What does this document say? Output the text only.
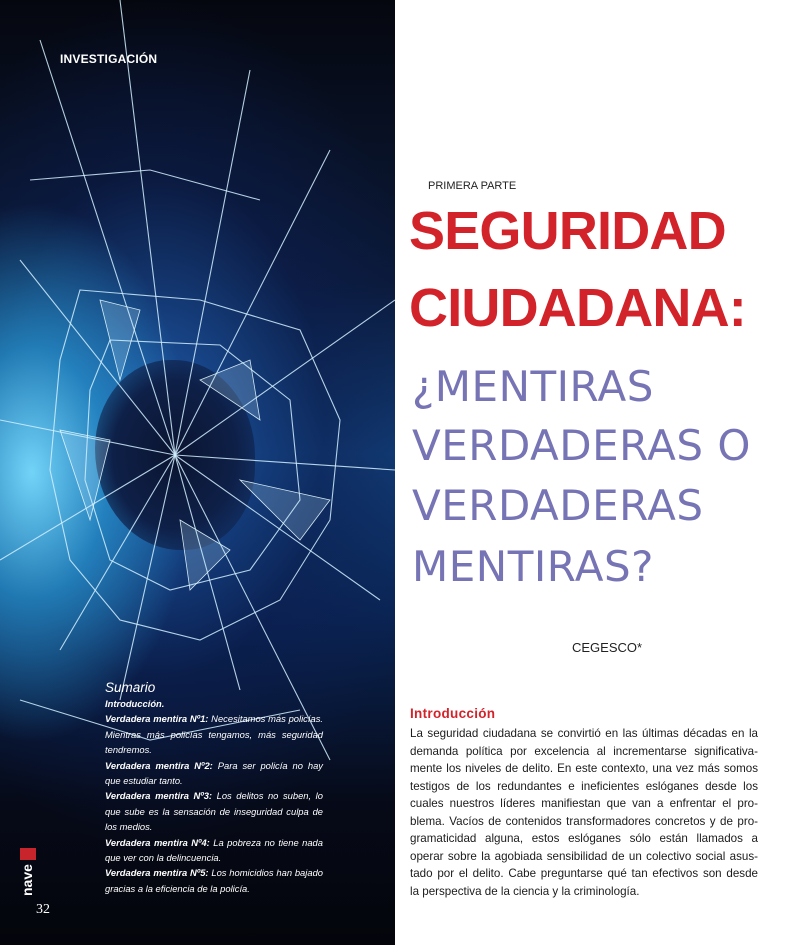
INVESTIGACIÓN
Sumario
Introducción.
Verdadera mentira Nº1: Necesitamos más policías. Mientras más policías tengamos, más seguridad tendremos.
Verdadera mentira Nº2: Para ser policía no hay que estudiar tanto.
Verdadera mentira Nº3: Los delitos no suben, lo que sube es la sensación de inseguridad culpa de los medios.
Verdadera mentira Nº4: La pobreza no tiene nada que ver con la delincuencia.
Verdadera mentira Nº5: Los homicidios han bajado gracias a la eficiencia de la policía.
nave
32
PRIMERA PARTE
SEGURIDAD
CIUDADANA:
¿MENTIRAS
VERDADERAS O
VERDADERAS
MENTIRAS?
CEGESCO*
Introducción
La seguridad ciudadana se convirtió en las últimas décadas en la
demanda política por excelencia al incrementarse significativa-
mente los niveles de delito. En este contexto, una vez más somos
testigos de los redundantes e ineficientes eslóganes desde los
cuales nuestros líderes manifiestan que van a enfrentar el pro-
blema. Vacíos de contenidos transformadores concretos y de pro-
gramaticidad alguna, estos eslóganes sólo están llamados a
operar sobre la agobiada sensibilidad de un colectivo social asus-
tado por el delito. Cabe preguntarse qué tan efectivos son desde
la perspectiva de la ciencia y la criminología.
